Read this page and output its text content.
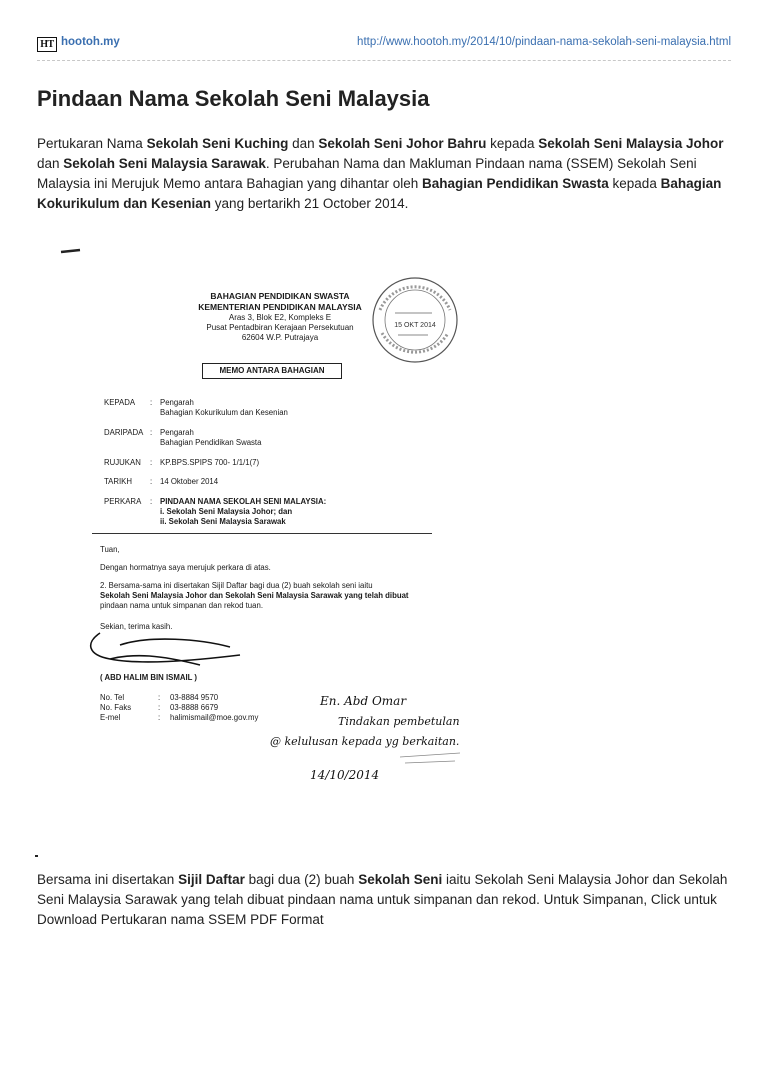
HT hootoh.my	http://www.hootoh.my/2014/10/pindaan-nama-sekolah-seni-malaysia.html
Pindaan Nama Sekolah Seni Malaysia

Pertukaran Nama Sekolah Seni Kuching dan Sekolah Seni Johor Bahru kepada Sekolah Seni Malaysia Johor dan Sekolah Seni Malaysia Sarawak. Perubahan Nama dan Makluman Pindaan nama (SSEM) Sekolah Seni Malaysia ini Merujuk Memo antara Bahagian yang dihantar oleh Bahagian Pendidikan Swasta kepada Bahagian Kokurikulum dan Kesenian yang bertarikh 21 October 2014.

BAHAGIAN PENDIDIKAN SWASTA
KEMENTERIAN PENDIDIKAN MALAYSIA
Aras 3, Blok E2, Kompleks E
Pusat Pentadbiran Kerajaan Persekutuan
62604 W.P. Putrajaya
15 OKT 2014
MEMO ANTARA BAHAGIAN
KEPADA : Pengarah
Bahagian Kokurikulum dan Kesenian
DARIPADA : Pengarah
Bahagian Pendidikan Swasta
RUJUKAN : KP.BPS.SPIPS 700- 1/1/1(7)
TARIKH : 14 Oktober 2014
PERKARA : PINDAAN NAMA SEKOLAH SENI MALAYSIA:
i. Sekolah Seni Malaysia Johor; dan
ii. Sekolah Seni Malaysia Sarawak
Tuan,
Dengan hormatnya saya merujuk perkara di atas.
2. Bersama-sama ini disertakan Sijil Daftar bagi dua (2) buah sekolah seni iaitu
Sekolah Seni Malaysia Johor dan Sekolah Seni Malaysia Sarawak yang telah dibuat
pindaan nama untuk simpanan dan rekod tuan.
Sekian, terima kasih.
( ABD HALIM BIN ISMAIL )
No. Tel	: 03-8884 9570
No. Faks	: 03-8888 6679
E-mel	: halimismail@moe.gov.my
En. Abd Omar
Tindakan pembetulan
@ kelulusan kepada yg berkaitan.
14/10/2014

Bersama ini disertakan Sijil Daftar bagi dua (2) buah Sekolah Seni iaitu Sekolah Seni Malaysia Johor dan Sekolah Seni Malaysia Sarawak yang telah dibuat pindaan nama untuk simpanan dan rekod. Untuk Simpanan, Click untuk Download Pertukaran nama SSEM PDF Format
